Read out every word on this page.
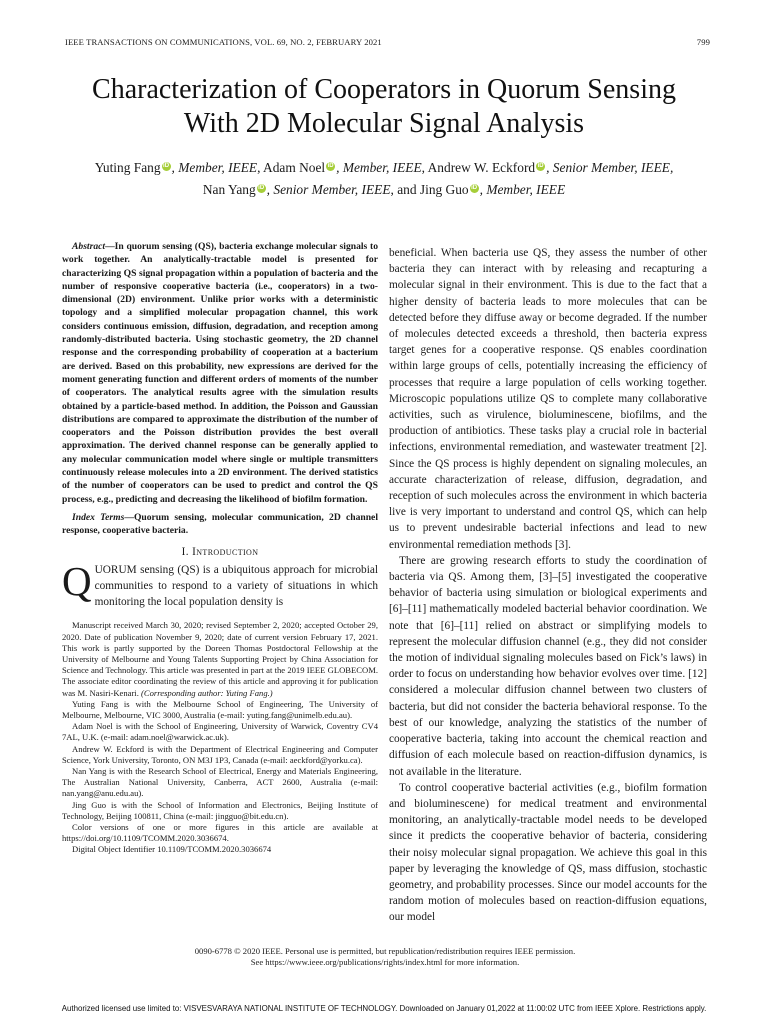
IEEE TRANSACTIONS ON COMMUNICATIONS, VOL. 69, NO. 2, FEBRUARY 2021	799
Characterization of Cooperators in Quorum Sensing
With 2D Molecular Signal Analysis
Yuting Fang iD , Member, IEEE, Adam Noel iD , Member, IEEE, Andrew W. Eckford iD , Senior Member, IEEE,
Nan Yang iD , Senior Member, IEEE, and Jing Guo iD , Member, IEEE

Abstract—In quorum sensing (QS), bacteria exchange molecular signals to work together. An analytically-tractable model is presented for characterizing QS signal propagation within a population of bacteria and the number of responsive cooperative bacteria (i.e., cooperators) in a two-dimensional (2D) environment. Unlike prior works with a deterministic topology and a simplified molecular propagation channel, this work considers continuous emission, diffusion, degradation, and reception among randomly-distributed bacteria. Using stochastic geometry, the 2D channel response and the corresponding probability of cooperation at a bacterium are derived. Based on this probability, new expressions are derived for the moment generating function and different orders of moments of the number of cooperators. The analytical results agree with the simulation results obtained by a particle-based method. In addition, the Poisson and Gaussian distributions are compared to approximate the distribution of the number of cooperators and the Poisson distribution provides the best overall approximation. The derived channel response can be generally applied to any molecular communication model where single or multiple transmitters continuously release molecules into a 2D environment. The derived statistics of the number of cooperators can be used to predict and control the QS process, e.g., predicting and decreasing the likelihood of biofilm formation.

Index Terms—Quorum sensing, molecular communication, 2D channel response, cooperative bacteria.

I. Introduction

QUORUM sensing (QS) is a ubiquitous approach for microbial communities to respond to a variety of situations in which monitoring the local population density is

Manuscript received March 30, 2020; revised September 2, 2020; accepted October 29, 2020. Date of publication November 9, 2020; date of current version February 17, 2021. This work is partly supported by the Doreen Thomas Postdoctoral Fellowship at the University of Melbourne and Young Talents Supporting Project by China Association for Science and Technology. This article was presented in part at the 2019 IEEE GLOBECOM. The associate editor coordinating the review of this article and approving it for publication was M. Nasiri-Kenari. (Corresponding author: Yuting Fang.)

Yuting Fang is with the Melbourne School of Engineering, The University of Melbourne, Melbourne, VIC 3000, Australia (e-mail: yuting.fang@unimelb.edu.au).

Adam Noel is with the School of Engineering, University of Warwick, Coventry CV4 7AL, U.K. (e-mail: adam.noel@warwick.ac.uk).

Andrew W. Eckford is with the Department of Electrical Engineering and Computer Science, York University, Toronto, ON M3J 1P3, Canada (e-mail: aeckford@yorku.ca).

Nan Yang is with the Research School of Electrical, Energy and Materials Engineering, The Australian National University, Canberra, ACT 2600, Australia (e-mail: nan.yang@anu.edu.au).

Jing Guo is with the School of Information and Electronics, Beijing Institute of Technology, Beijing 100811, China (e-mail: jingguo@bit.edu.cn).

Color versions of one or more figures in this article are available at https://doi.org/10.1109/TCOMM.2020.3036674.

Digital Object Identifier 10.1109/TCOMM.2020.3036674

beneficial. When bacteria use QS, they assess the number of other bacteria they can interact with by releasing and recapturing a molecular signal in their environment. This is due to the fact that a higher density of bacteria leads to more molecules that can be detected before they diffuse away or become degraded. If the number of molecules detected exceeds a threshold, then bacteria express target genes for a cooperative response. QS enables coordination within large groups of cells, potentially increasing the efficiency of processes that require a large population of cells working together. Microscopic populations utilize QS to complete many collaborative activities, such as virulence, bioluminescene, biofilms, and the production of antibiotics. These tasks play a crucial role in bacterial infections, environmental remediation, and wastewater treatment [2]. Since the QS process is highly dependent on signaling molecules, an accurate characterization of release, diffusion, degradation, and reception of such molecules across the environment in which bacteria live is very important to understand and control QS, which can help us to prevent undesirable bacterial infections and lead to new environmental remediation methods [3].

There are growing research efforts to study the coordination of bacteria via QS. Among them, [3]–[5] investigated the cooperative behavior of bacteria using simulation or biological experiments and [6]–[11] mathematically modeled bacterial behavior coordination. We note that [6]–[11] relied on abstract or simplifying models to represent the molecular diffusion channel (e.g., they did not consider the motion of individual signaling molecules based on Fick’s laws) in order to focus on understanding how behavior evolves over time. [12] considered a molecular diffusion channel between two clusters of bacteria, but did not consider the bacteria behavioral response. To the best of our knowledge, analyzing the statistics of the number of cooperative bacteria, taking into account the chemical reaction and diffusion of each molecule based on reaction-diffusion dynamics, is not available in the literature.

To control cooperative bacterial activities (e.g., biofilm formation and bioluminescene) for medical treatment and environmental monitoring, an analytically-tractable model needs to be developed since it predicts the cooperative behavior of bacteria, considering their noisy molecular signal propagation. We achieve this goal in this paper by leveraging the knowledge of QS, mass diffusion, stochastic geometry, and probability processes. Since our model accounts for the random motion of molecules based on reaction-diffusion equations, our model

0090-6778 © 2020 IEEE. Personal use is permitted, but republication/redistribution requires IEEE permission.
See https://www.ieee.org/publications/rights/index.html for more information.
Authorized licensed use limited to: VISVESVARAYA NATIONAL INSTITUTE OF TECHNOLOGY. Downloaded on January 01,2022 at 11:00:02 UTC from IEEE Xplore. Restrictions apply.
